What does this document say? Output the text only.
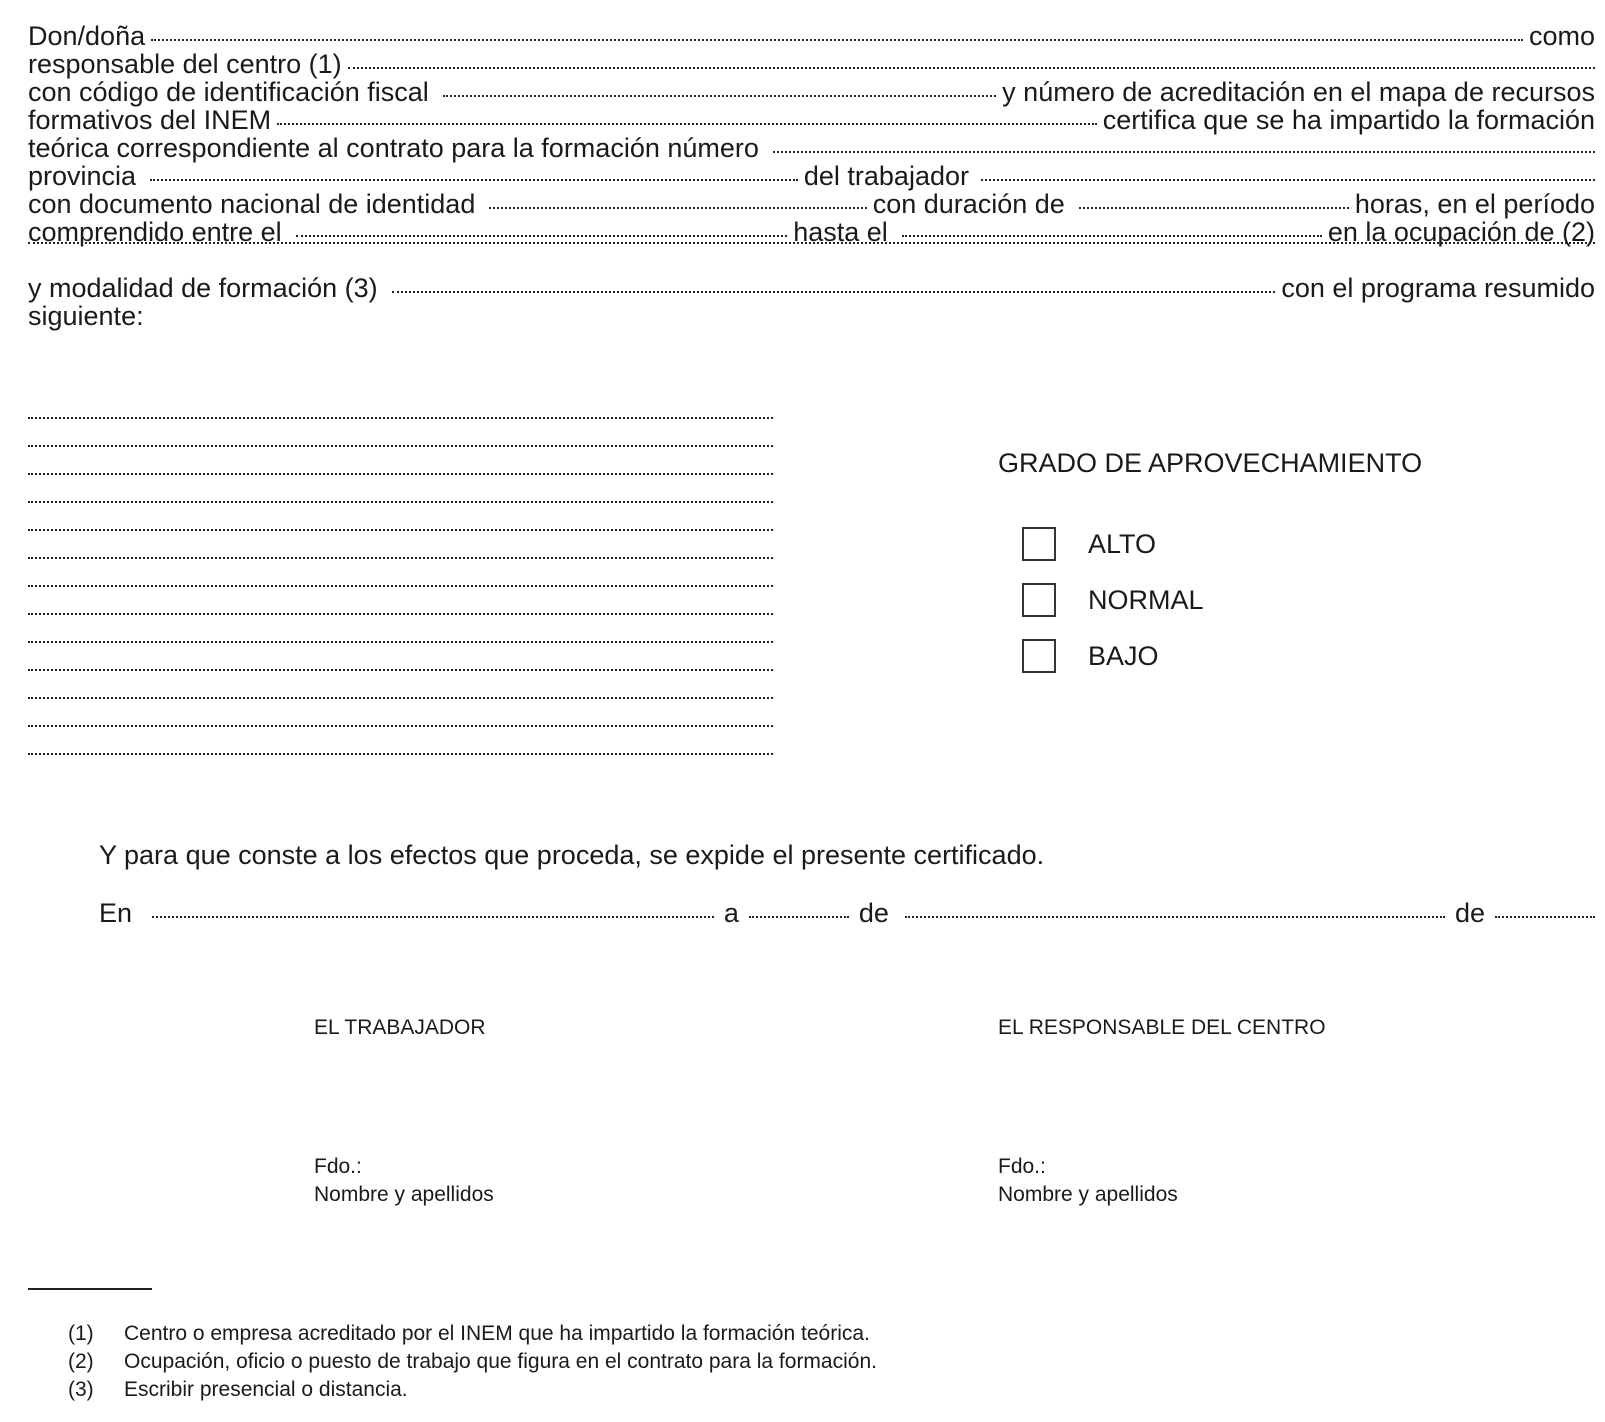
Don/doña	como
responsable del centro (1)
con código de identificación fiscal	y número de acreditación en el mapa de recursos
formativos del INEM	certifica que se ha impartido la formación
teórica correspondiente al contrato para la formación número
provincia	del trabajador
con documento nacional de identidad	con duración de	horas, en el período
comprendido entre el	hasta el	en la ocupación de (2)
y modalidad de formación (3)	con el programa resumido
siguiente:
GRADO DE APROVECHAMIENTO
ALTO
NORMAL
BAJO
Y para que conste a los efectos que proceda, se expide el presente certificado.
En	a	de	de
EL TRABAJADOR	EL RESPONSABLE DEL CENTRO
Fdo.:
Nombre y apellidos
Fdo.:
Nombre y apellidos
(1)	Centro o empresa acreditado por el INEM que ha impartido la formación teórica.
(2)	Ocupación, oficio o puesto de trabajo que figura en el contrato para la formación.
(3)	Escribir presencial o distancia.
